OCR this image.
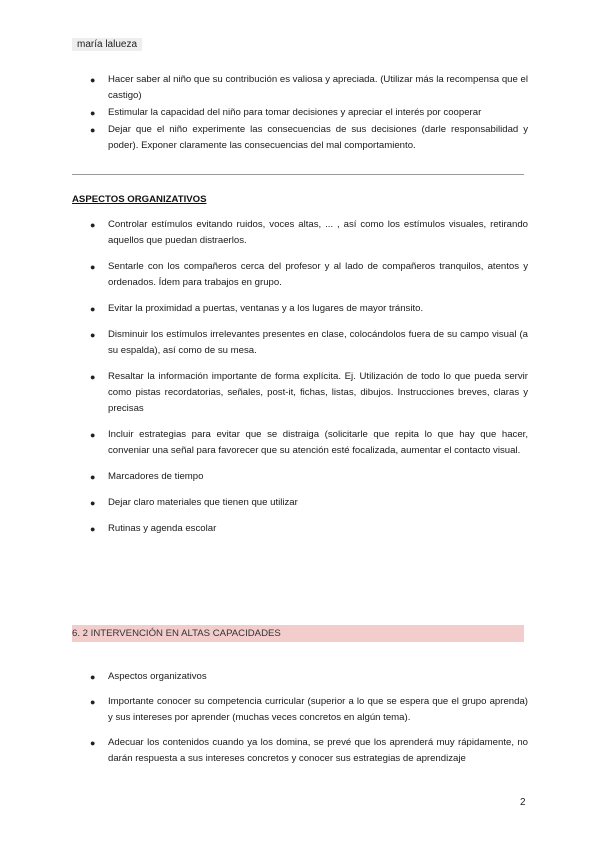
maría lalueza
● Hacer saber al niño que su contribución es valiosa y apreciada. (Utilizar más la recompensa que el castigo)
● Estimular la capacidad del niño para tomar decisiones y apreciar el interés por cooperar
● Dejar que el niño experimente las consecuencias de sus decisiones (darle responsabilidad y poder). Exponer claramente las consecuencias del mal comportamiento.
ASPECTOS ORGANIZATIVOS
● Controlar estímulos evitando ruidos, voces altas, ... , así como los estímulos visuales, retirando aquellos que puedan distraerlos.
● Sentarle con los compañeros cerca del profesor y al lado de compañeros tranquilos, atentos y ordenados. Ídem para trabajos en grupo.
● Evitar la proximidad a puertas, ventanas y a los lugares de mayor tránsito.
● Disminuir los estímulos irrelevantes presentes en clase, colocándolos fuera de su campo visual (a su espalda), así como de su mesa.
● Resaltar la información importante de forma explícita. Ej. Utilización de todo lo que pueda servir como pistas recordatorias, señales, post-it, fichas, listas, dibujos. Instrucciones breves, claras y precisas
● Incluir estrategias para evitar que se distraiga (solicitarle que repita lo que hay que hacer, conveniar una señal para favorecer que su atención esté focalizada, aumentar el contacto visual.
● Marcadores de tiempo
● Dejar claro materiales que tienen que utilizar
● Rutinas y agenda escolar
6. 2 INTERVENCIÓN EN ALTAS CAPACIDADES
● Aspectos organizativos
● Importante conocer su competencia curricular (superior a lo que se espera que el grupo aprenda) y sus intereses por aprender (muchas veces concretos en algún tema).
● Adecuar los contenidos cuando ya los domina, se prevé que los aprenderá muy rápidamente, no darán respuesta a sus intereses concretos y conocer sus estrategias de aprendizaje
2
